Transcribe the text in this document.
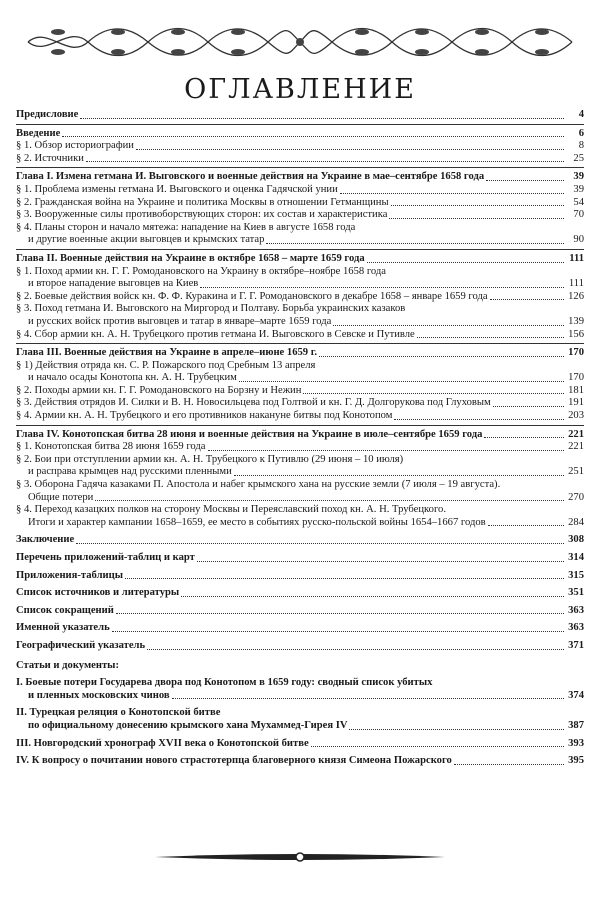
ОГЛАВЛЕНИЕ
Предисловие	4
Введение	6
§ 1. Обзор историографии	8
§ 2. Источники	25
Глава I. Измена гетмана И. Выговского и военные действия на Украине в мае–сентябре 1658 года	39
§ 1. Проблема измены гетмана И. Выговского и оценка Гадячской унии	39
§ 2. Гражданская война на Украине и политика Москвы в отношении Гетманщины	54
§ 3. Вооруженные силы противоборствующих сторон: их состав и характеристика	70
§ 4. Планы сторон и начало мятежа: нападение на Киев в августе 1658 года
и другие военные акции выговцев и крымских татар	90
Глава II. Военные действия на Украине в октябре 1658 – марте 1659 года	111
§ 1. Поход армии кн. Г. Г. Ромодановского на Украину в октябре–ноябре 1658 года
и второе нападение выговцев на Киев	111
§ 2. Боевые действия войск кн. Ф. Ф. Куракина и Г. Г. Ромодановского в декабре 1658 – январе 1659 года	126
§ 3. Поход гетмана И. Выговского на Миргород и Полтаву. Борьба украинских казаков
и русских войск против выговцев и татар в январе–марте 1659 года	139
§ 4. Сбор армии кн. А. Н. Трубецкого против гетмана И. Выговского в Севске и Путивле	156
Глава III. Военные действия на Украине в апреле–июне 1659 г.	170
§ 1) Действия отряда кн. С. Р. Пожарского под Сребным 13 апреля
и начало осады Конотопа кн. А. Н. Трубецким	170
§ 2. Походы армии кн. Г. Г. Ромодановского на Борзну и Нежин	181
§ 3. Действия отрядов И. Силки и В. Н. Новосильцева под Голтвой и кн. Г. Д. Долгорукова под Глуховым	191
§ 4. Армии кн. А. Н. Трубецкого и его противников накануне битвы под Конотопом	203
Глава IV. Конотопская битва 28 июня и военные действия на Украине в июле–сентябре 1659 года	221
§ 1. Конотопская битва 28 июня 1659 года	221
§ 2. Бои при отступлении армии кн. А. Н. Трубецкого к Путивлю (29 июня – 10 июля)
и расправа крымцев над русскими пленными	251
§ 3. Оборона Гадяча казаками П. Апостола и набег крымского хана на русские земли (7 июля – 19 августа).
Общие потери	270
§ 4. Переход казацких полков на сторону Москвы и Переяславский поход кн. А. Н. Трубецкого.
Итоги и характер кампании 1658–1659, ее место в событиях русско-польской войны 1654–1667 годов	284
Заключение	308
Перечень приложений-таблиц и карт	314
Приложения-таблицы	315
Список источников и литературы	351
Список сокращений	363
Именной указатель	363
Географический указатель	371
Статьи и документы:
I. Боевые потери Государева двора под Конотопом в 1659 году: сводный список убитых
и пленных московских чинов	374
II. Турецкая реляция о Конотопской битве
по официальному донесению крымского хана Мухаммед-Гирея IV	387
III. Новгородский хронограф XVII века о Конотопской битве	393
IV. К вопросу о почитании нового страстотерпца благоверного князя Симеона Пожарского	395
